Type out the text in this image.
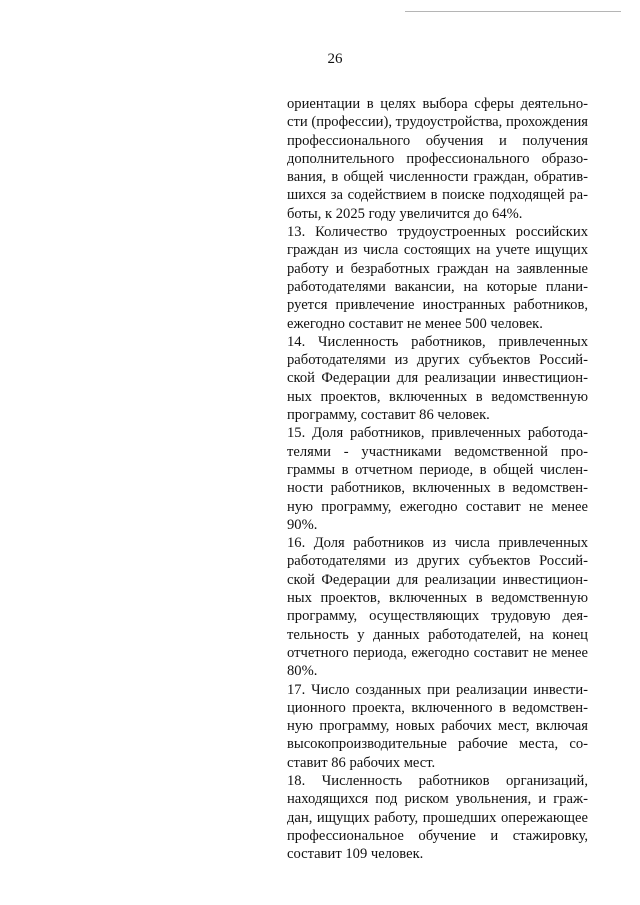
26

ориентации в целях выбора сферы деятельности (профессии), трудоустройства, прохождения профессионального обучения и получения дополнительного профессионального образования, в общей численности граждан, обратившихся за содействием в поиске подходящей работы, к 2025 году увеличится до 64%.

13. Количество трудоустроенных российских граждан из числа состоящих на учете ищущих работу и безработных граждан на заявленные работодателями вакансии, на которые планируется привлечение иностранных работников, ежегодно составит не менее 500 человек.

14. Численность работников, привлеченных работодателями из других субъектов Российской Федерации для реализации инвестиционных проектов, включенных в ведомственную программу, составит 86 человек.

15. Доля работников, привлеченных работодателями - участниками ведомственной программы в отчетном периоде, в общей численности работников, включенных в ведомственную программу, ежегодно составит не менее 90%.

16. Доля работников из числа привлеченных работодателями из других субъектов Российской Федерации для реализации инвестиционных проектов, включенных в ведомственную программу, осуществляющих трудовую деятельность у данных работодателей, на конец отчетного периода, ежегодно составит не менее 80%.

17. Число созданных при реализации инвестиционного проекта, включенного в ведомственную программу, новых рабочих мест, включая высокопроизводительные рабочие места, составит 86 рабочих мест.

18. Численность работников организаций, находящихся под риском увольнения, и граждан, ищущих работу, прошедших опережающее профессиональное обучение и стажировку, составит 109 человек.
